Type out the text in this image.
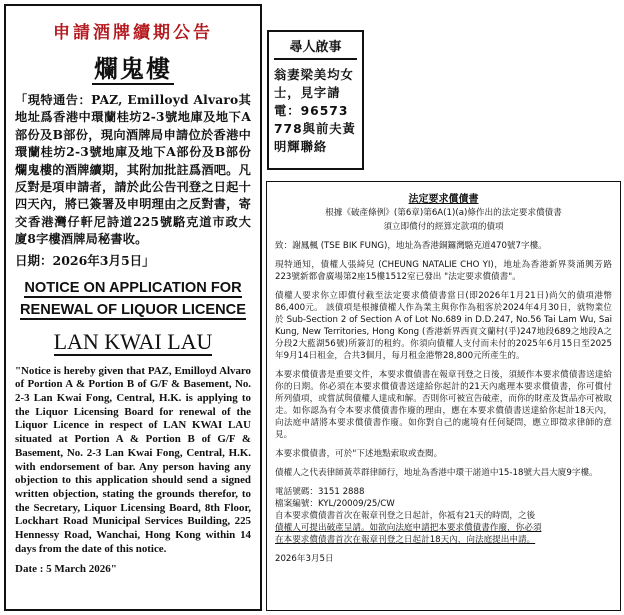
申請酒牌續期公告
爛鬼樓
「現特通告：PAZ, Emilloyd Alvaro其地址爲香港中環蘭桂坊2-3號地庫及地下A部份及B部份，現向酒牌局申請位於香港中環蘭桂坊2-3號地庫及地下A部份及B部份爛鬼樓的酒牌續期，其附加批註爲酒吧。凡反對是項申請者，請於此公告刊登之日起十四天內，將已簽署及申明理由之反對書，寄交香港灣仔軒尼詩道225號駱克道市政大廈8字樓酒牌局秘書收。
日期：2026年3月5日」
NOTICE ON APPLICATION FOR
RENEWAL OF LIQUOR LICENCE
LAN KWAI LAU
"Notice is hereby given that PAZ, Emilloyd Alvaro of Portion A & Portion B of G/F & Basement, No. 2-3 Lan Kwai Fong, Central, H.K. is applying to the Liquor Licensing Board for renewal of the Liquor Licence in respect of LAN KWAI LAU situated at Portion A & Portion B of G/F & Basement, No. 2-3 Lan Kwai Fong, Central, H.K. with endorsement of bar. Any person having any objection to this application should send a signed written objection, stating the grounds therefor, to the Secretary, Liquor Licensing Board, 8th Floor, Lockhart Road Municipal Services Building, 225 Hennessy Road, Wanchai, Hong Kong within 14 days from the date of this notice.
Date : 5 March 2026"
尋人啟事
翁妻梁美均女士，見字請電：96573778與前夫黃明輝聯絡
法定要求償債書
根據《破產條例》(第6章)第6A(1)(a)條作出的法定要求償債書
須立即償付的經算定款項的債項
致：謝鳳楓 (TSE BIK FUNG)，地址為香港銅鑼灣駱克道470號7字樓。
現特通知，債權人張綺兒 (CHEUNG NATALIE CHO YI)，地址為香港新界葵涌興芳路223號新都會廣場第2座15樓1512室已發出 "法定要求償債書"。
債權人要求你立即償付截至法定要求償債書當日(即2026年1月21日)尚欠的債項港幣86,400元。 該債項是根據債權人作為業主與你作為租客於2024年4月30日，就物業位於 Sub-Section 2 of Section A of Lot No.689 in D.D.247, No.56 Tai Lam Wu, Sai Kung, New Territories, Hong Kong (香港新界西貢文蘭村(乎)247地段689之地段A之分段2大藍湖56號)所簽訂的租約。你須向債權人支付而未付的2025年6月15日至2025年9月14日租金，合共3個月，每月租金港幣28,800元所產生的。
本要求償債書是重要文件，本要求償債書在報章刊登之日後，須緩作本要求償債書送達給你的日期。你必須在本要求償債書送達給你起計的21天內處理本要求償債書，你可償付所列債項，或嘗試與債權人達成和解。否則你可被宣告破產，而你的財產及貨品亦可被取走。如你認為有令本要求償債書作廢的理由，應在本要求償債書送達給你起計18天內，向法庭申請將本要求償債書作廢。如你對自己的處境有任何疑問，應立即徵求律師的意見。
本要求償債書，可於"下述地點索取或查閱。
債權人之代表律師黃萃群律師行，地址為香港中環干諾道中15-18號大昌大廈9字樓。
電話號碼：3151 2888
檔案編號：KYL/20009/25/CW
自本要求償債書首次在報章刊登之日起計，你祗有21天的時間，之後
債權人可提出破產呈請。如欲向法庭申請把本要求償債書作廢，你必須
在本要求償債書首次在報章刊登之日起計18天內，向法庭提出申請。
2026年3月5日
